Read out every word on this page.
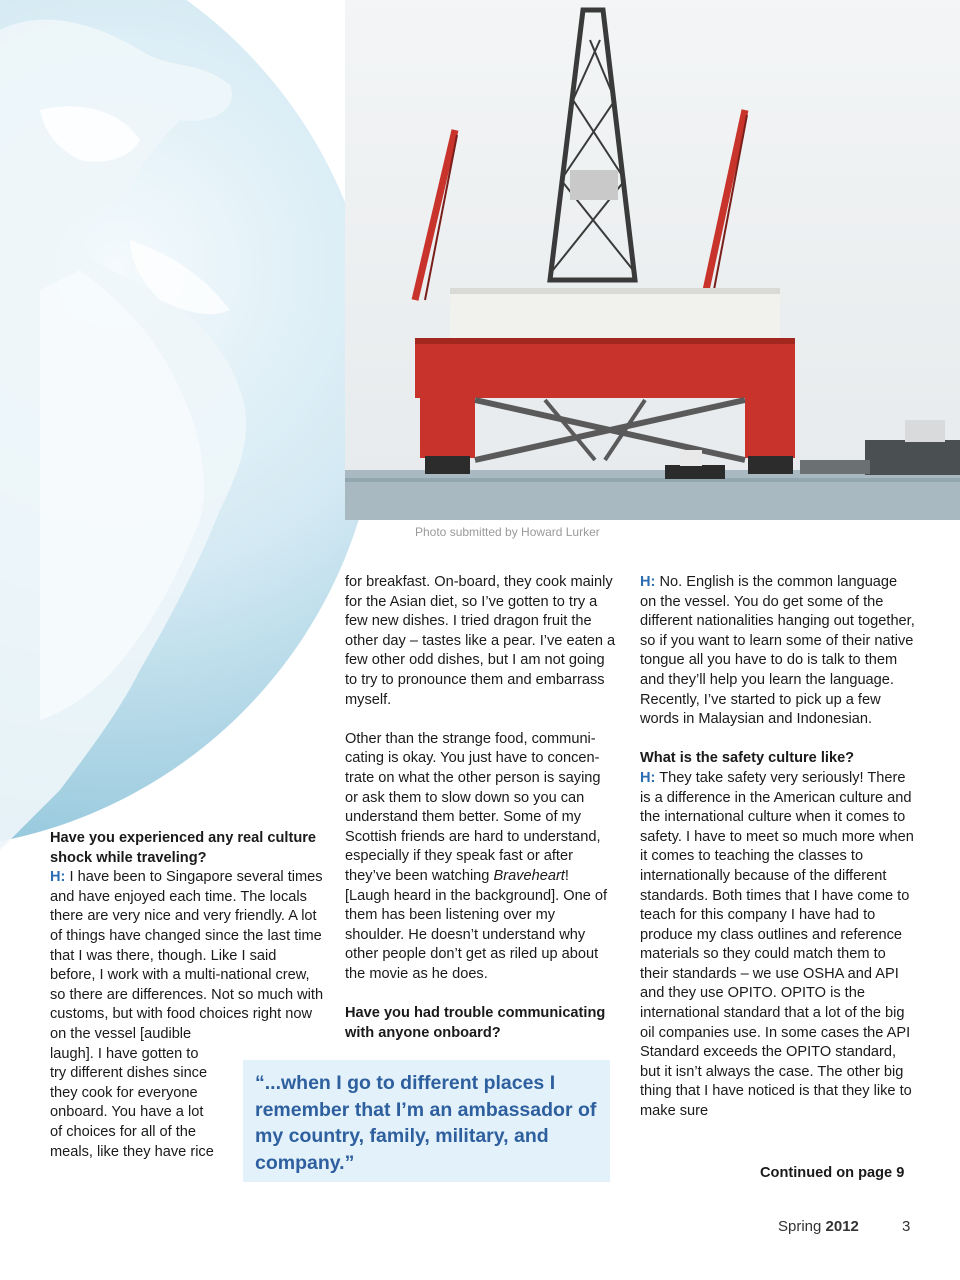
Photo submitted by Howard Lurker
Have you experienced any real culture shock while traveling?
H: I have been to Singapore several times and have enjoyed each time. The locals there are very nice and very friendly. A lot of things have changed since the last time that I was there, though. Like I said before, I work with a multi-national crew, so there are differences. Not so much with customs, but with food choices right now
on the vessel [audible
laugh]. I have gotten to
try different dishes since
they cook for everyone
onboard. You have a lot
of choices for all of the
meals, like they have rice

for breakfast. On-board, they cook mainly for the Asian diet, so I’ve gotten to try a few new dishes. I tried dragon fruit the other day – tastes like a pear. I’ve eaten a few other odd dishes, but I am not going to try to pronounce them and embarrass myself.

Other than the strange food, communi-cating is okay. You just have to concen-trate on what the other person is saying or ask them to slow down so you can understand them better. Some of my Scottish friends are hard to understand, especially if they speak fast or after they’ve been watching Braveheart! [Laugh heard in the background]. One of them has been listening over my shoulder. He doesn’t understand why other people don’t get as riled up about the movie as he does.

Have you had trouble communicating with anyone onboard?

H: No. English is the common language on the vessel. You do get some of the different nationalities hanging out together, so if you want to learn some of their native tongue all you have to do is talk to them and they’ll help you learn the language. Recently, I’ve started to pick up a few words in Malaysian and Indonesian.

What is the safety culture like?
H: They take safety very seriously! There is a difference in the American culture and the international culture when it comes to safety. I have to meet so much more when it comes to teaching the classes to internationally because of the different standards. Both times that I have come to teach for this company I have had to produce my class outlines and reference materials so they could match them to their standards – we use OSHA and API and they use OPITO. OPITO is the international standard that a lot of the big oil companies use. In some cases the API Standard exceeds the OPITO standard, but it isn’t always the case. The other big thing that I have noticed is that they like to make sure
“...when I go to different places I remember that I’m an ambassador of my country, family, military, and company.”	Continued on page 9
Spring 2012	3
